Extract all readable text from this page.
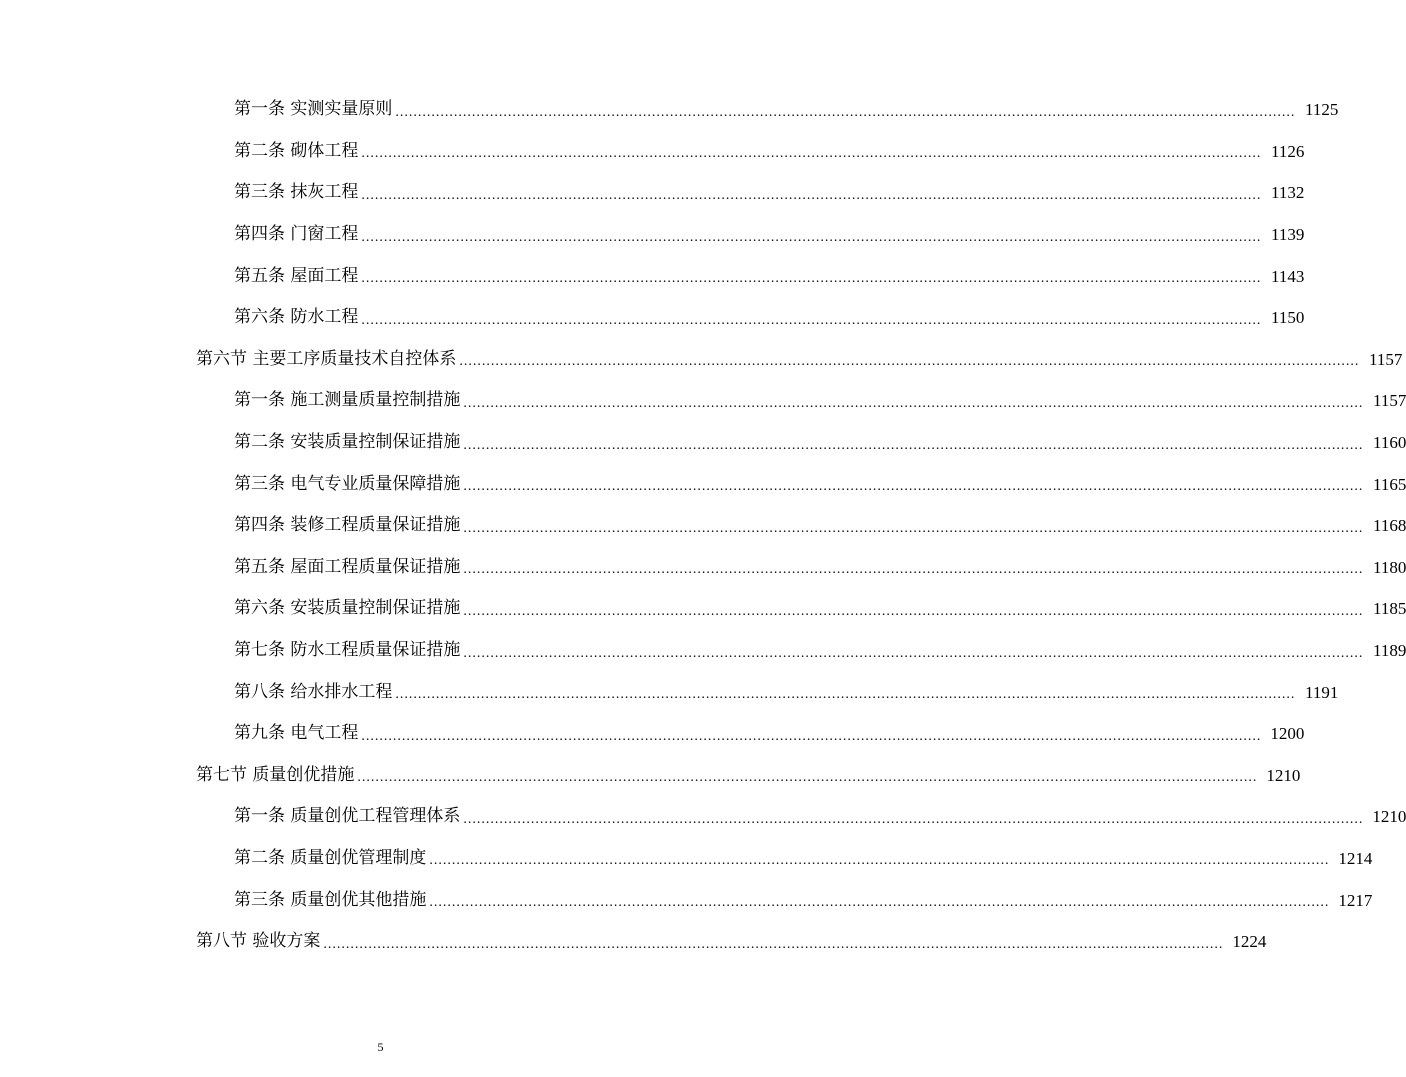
第一条 实测实量原则 ........................................................................................................................................................................................................ 1125
第二条 砌体工程 ........................................................................................................................................................................................................ 1126
第三条 抹灰工程 ........................................................................................................................................................................................................ 1132
第四条 门窗工程 ........................................................................................................................................................................................................ 1139
第五条 屋面工程 ........................................................................................................................................................................................................ 1143
第六条 防水工程 ........................................................................................................................................................................................................ 1150
第六节 主要工序质量技术自控体系 ........................................................................................................................................................................................................ 1157
第一条 施工测量质量控制措施 ........................................................................................................................................................................................................ 1157
第二条 安装质量控制保证措施 ........................................................................................................................................................................................................ 1160
第三条 电气专业质量保障措施 ........................................................................................................................................................................................................ 1165
第四条 装修工程质量保证措施 ........................................................................................................................................................................................................ 1168
第五条 屋面工程质量保证措施 ........................................................................................................................................................................................................ 1180
第六条 安装质量控制保证措施 ........................................................................................................................................................................................................ 1185
第七条 防水工程质量保证措施 ........................................................................................................................................................................................................ 1189
第八条 给水排水工程 ........................................................................................................................................................................................................ 1191
第九条 电气工程 ........................................................................................................................................................................................................ 1200
第七节 质量创优措施 ........................................................................................................................................................................................................ 1210
第一条 质量创优工程管理体系 ........................................................................................................................................................................................................ 1210
第二条 质量创优管理制度 ........................................................................................................................................................................................................ 1214
第三条 质量创优其他措施 ........................................................................................................................................................................................................ 1217
第八节 验收方案 ........................................................................................................................................................................................................ 1224
5
